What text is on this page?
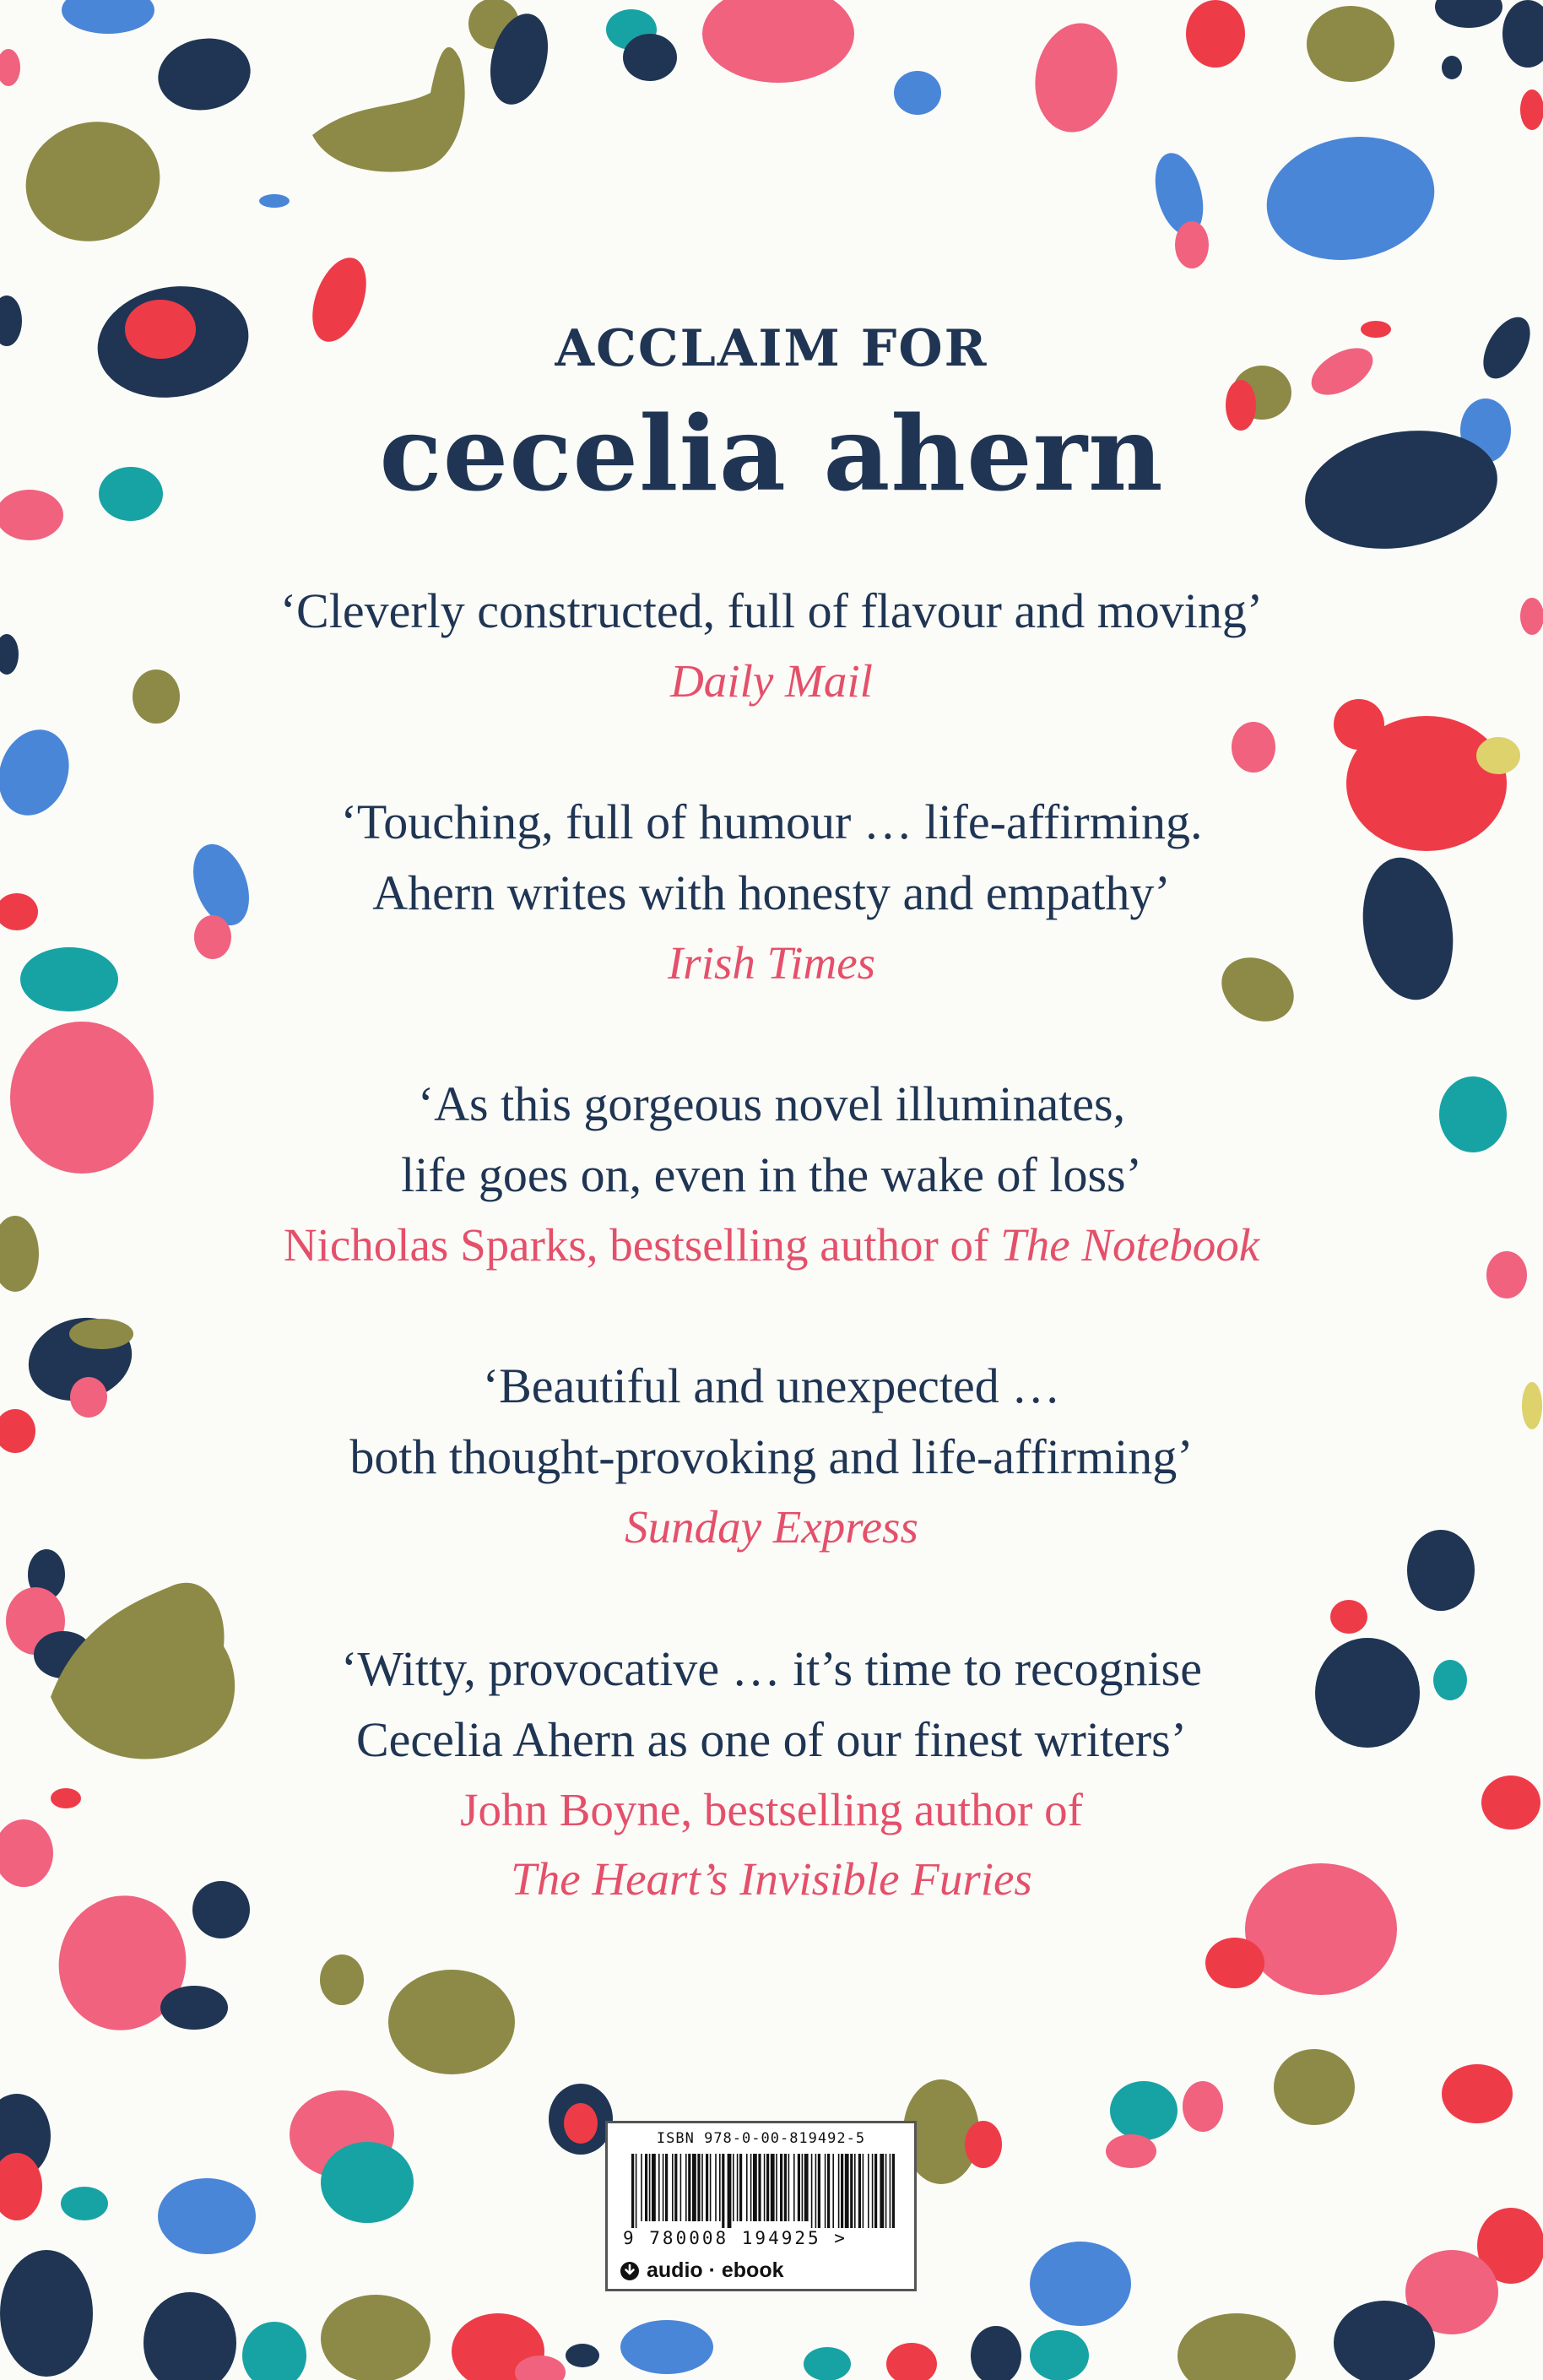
ACCLAIM FOR
cecelia ahern
‘Cleverly constructed, full of flavour and moving’
Daily Mail
‘Touching, full of humour … life-affirming.
Ahern writes with honesty and empathy’
Irish Times
‘As this gorgeous novel illuminates,
life goes on, even in the wake of loss’
Nicholas Sparks, bestselling author of The Notebook
‘Beautiful and unexpected …
both thought-provoking and life-affirming’
Sunday Express
‘Witty, provocative … it’s time to recognise
Cecelia Ahern as one of our finest writers’
John Boyne, bestselling author of
The Heart’s Invisible Furies
ISBN 978-0-00-819492-5
9 780008 194925 >
audio · ebook
